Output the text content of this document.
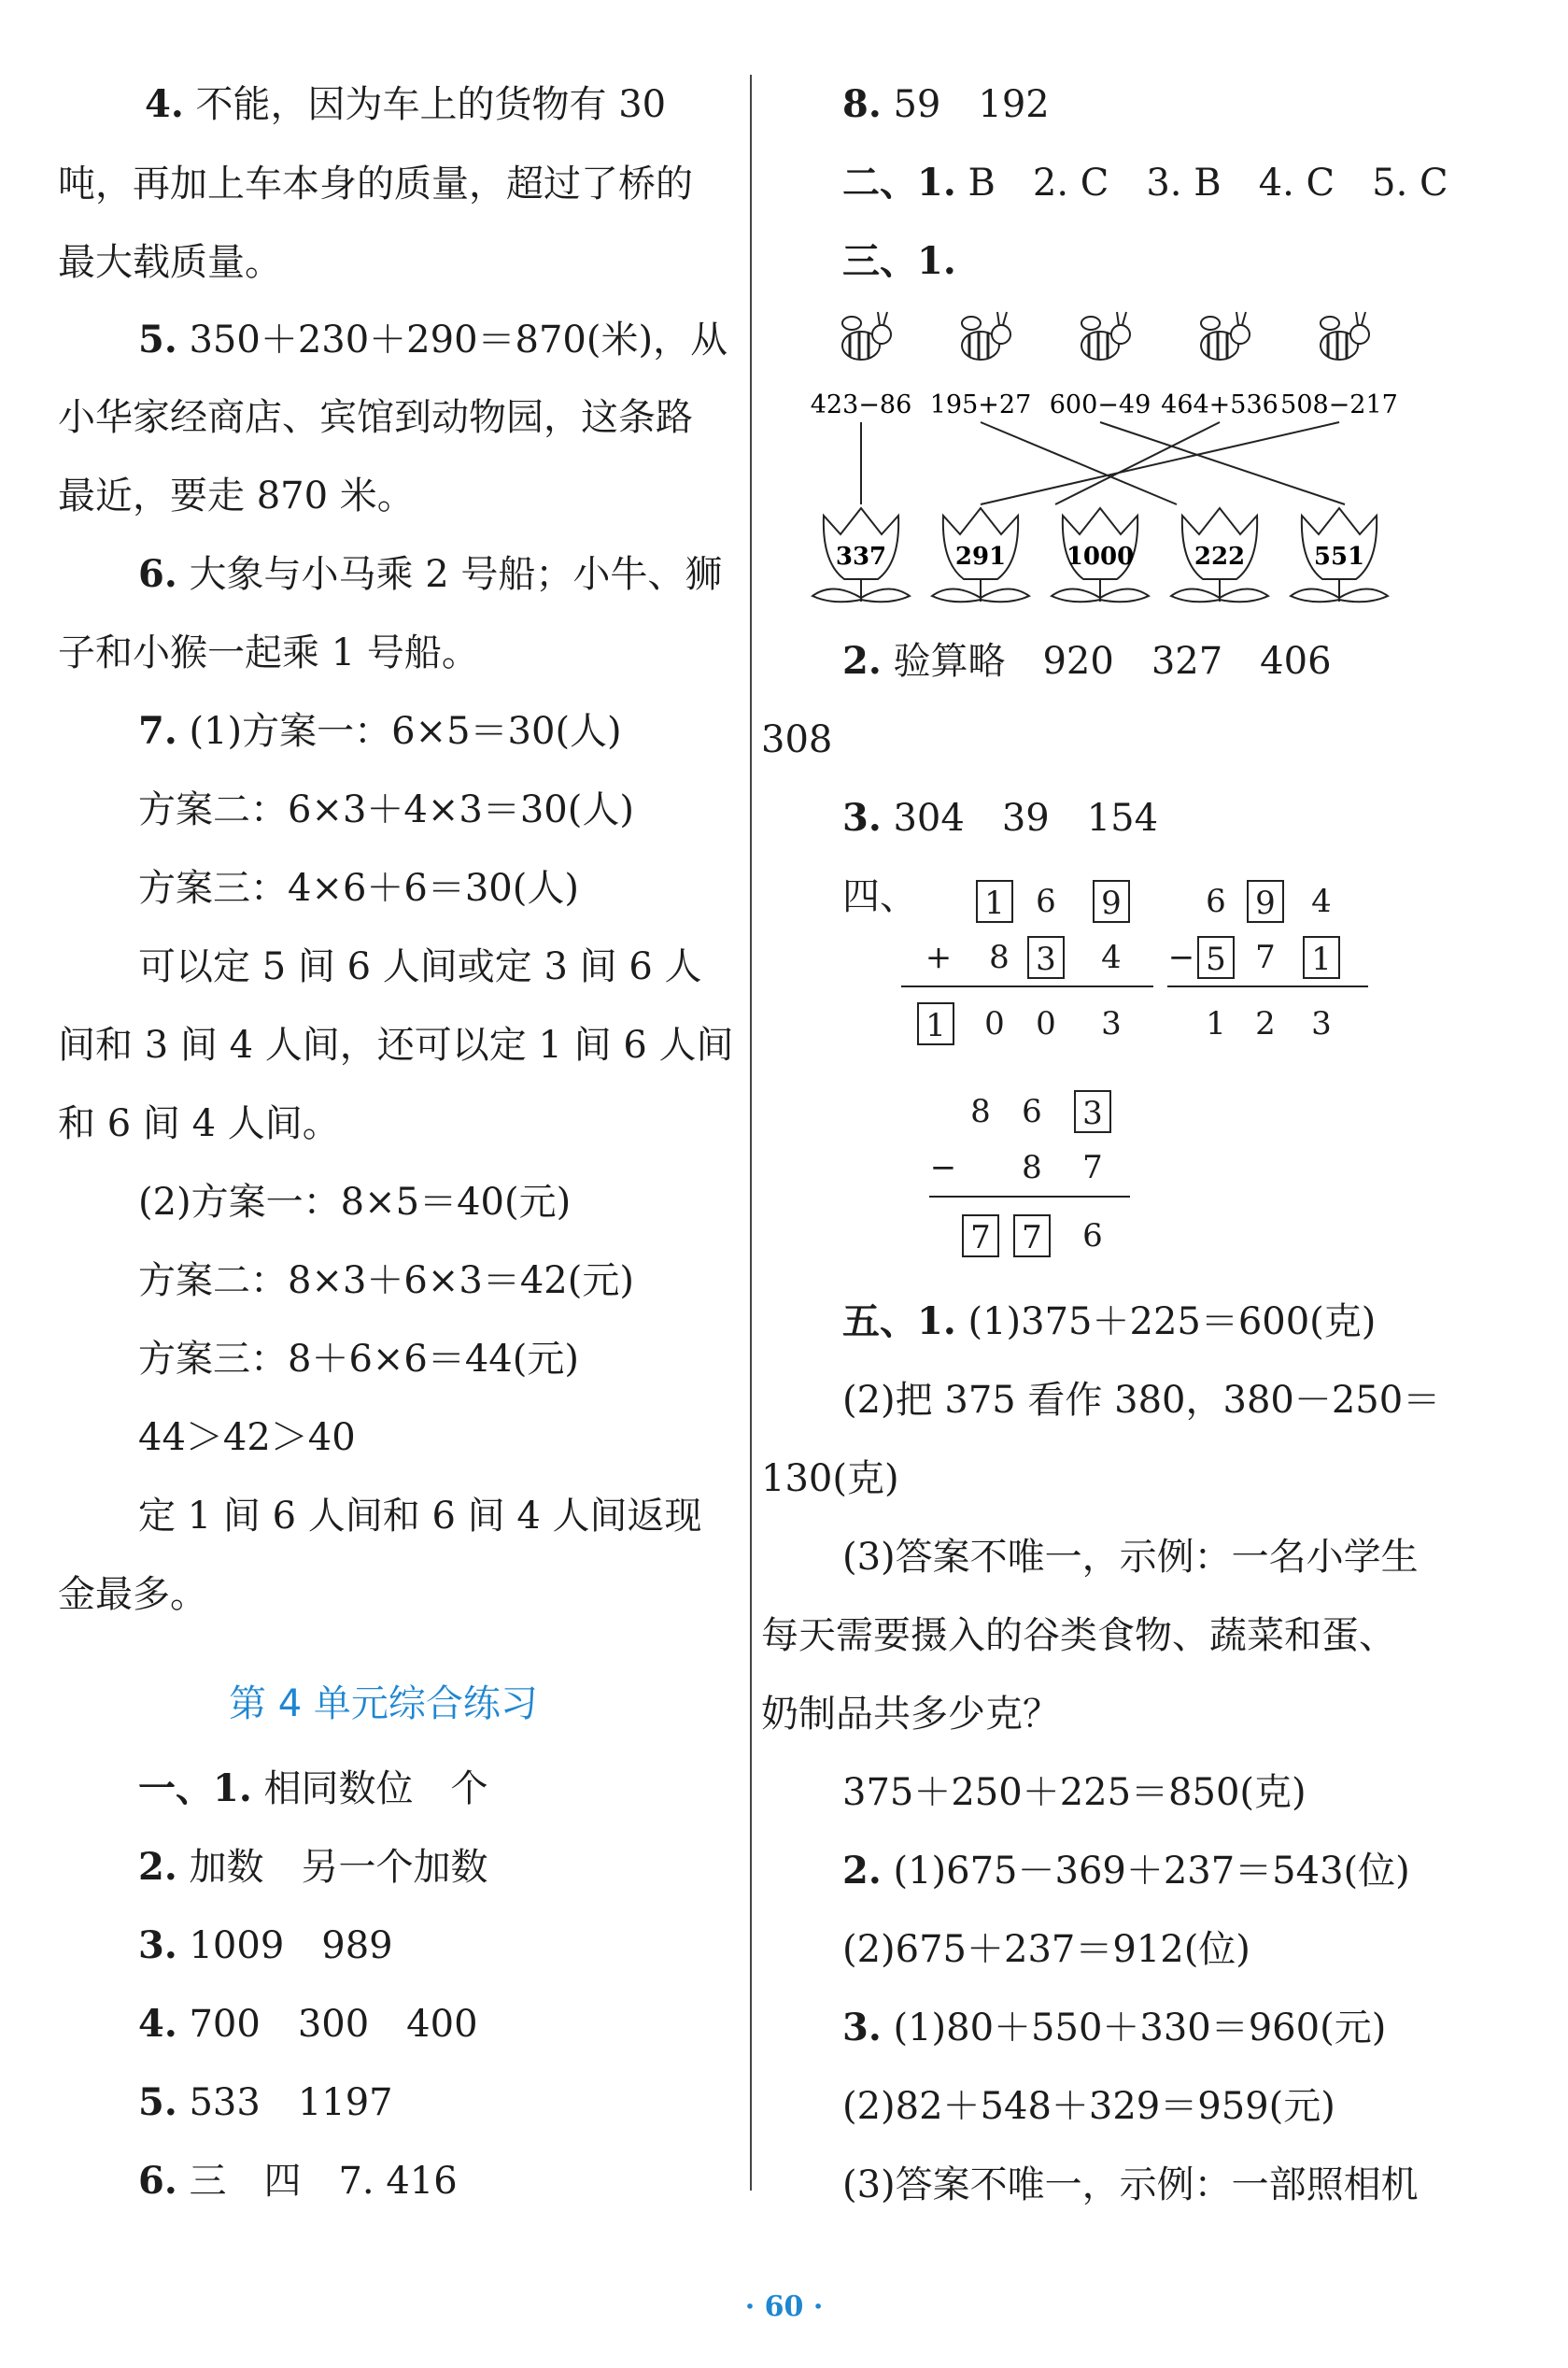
4. 不能，因为车上的货物有 30
吨，再加上车本身的质量，超过了桥的
最大载质量。
5. 350＋230＋290＝870(米)，从
小华家经商店、宾馆到动物园，这条路
最近，要走 870 米。
6. 大象与小马乘 2 号船；小牛、狮
子和小猴一起乘 1 号船。
7. (1)方案一：6×5＝30(人)
方案二：6×3＋4×3＝30(人)
方案三：4×6＋6＝30(人)
可以定 5 间 6 人间或定 3 间 6 人
间和 3 间 4 人间，还可以定 1 间 6 人间
和 6 间 4 人间。
(2)方案一：8×5＝40(元)
方案二：8×3＋6×3＝42(元)
方案三：8＋6×6＝44(元)
44＞42＞40
定 1 间 6 人间和 6 间 4 人间返现
金最多。
第 4 单元综合练习
一、1. 相同数位　个
2. 加数　另一个加数
3. 1009　989
4. 700　300　400
5. 533　1197
6. 三　四　7. 416
8. 59　192
二、1. B　2. C　3. B　4. C　5. C
三、1.
423−86 195+27 600−49 464+536 508−217
337	291 1000 222	551
2. 验算略　920　327　406
308
3. 304　39　154
四、 1 6 9
+ 8 3 4
1 0 0 3
6 9 4
− 5 7 1
1 2 3
8 6 3
− 8 7
7 7 6
五、1. (1)375＋225＝600(克)
(2)把 375 看作 380，380－250＝
130(克)
(3)答案不唯一，示例：一名小学生
每天需要摄入的谷类食物、蔬菜和蛋、
奶制品共多少克？
375＋250＋225＝850(克)
2. (1)675－369＋237＝543(位)
(2)675＋237＝912(位)
3. (1)80＋550＋330＝960(元)
(2)82＋548＋329＝959(元)
(3)答案不唯一，示例：一部照相机
· 60 ·
